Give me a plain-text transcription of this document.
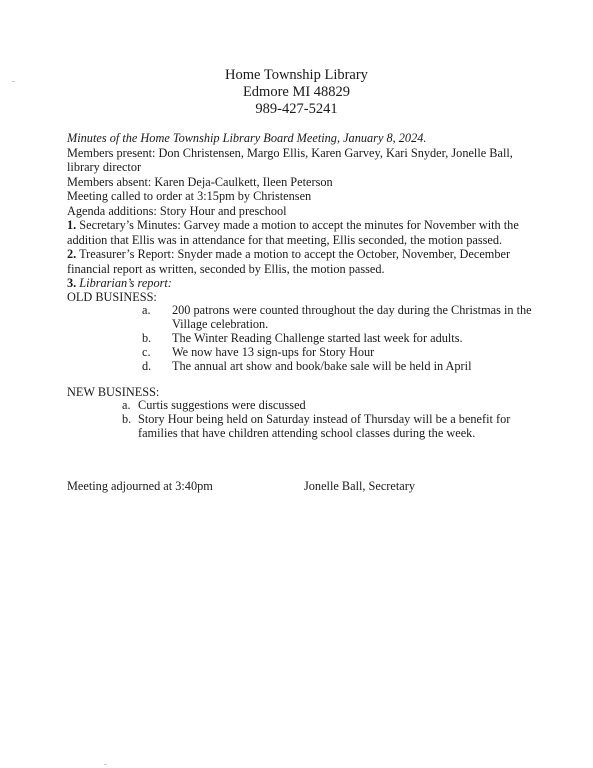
Home Township Library
Edmore MI 48829
989-427-5241
Minutes of the Home Township Library Board Meeting, January 8, 2024.
Members present: Don Christensen, Margo Ellis, Karen Garvey, Kari Snyder, Jonelle Ball,
library director
Members absent: Karen Deja-Caulkett, Ileen Peterson
Meeting called to order at 3:15pm by Christensen
Agenda additions: Story Hour and preschool
1. Secretary’s Minutes: Garvey made a motion to accept the minutes for November with the
addition that Ellis was in attendance for that meeting, Ellis seconded, the motion passed.
2. Treasurer’s Report: Snyder made a motion to accept the October, November, December
financial report as written, seconded by Ellis, the motion passed.
3. Librarian’s report:
OLD BUSINESS:
a. 200 patrons were counted throughout the day during the Christmas in the
Village celebration.
b. The Winter Reading Challenge started last week for adults.
c. We now have 13 sign-ups for Story Hour
d. The annual art show and book/bake sale will be held in April
NEW BUSINESS:
a. Curtis suggestions were discussed
b. Story Hour being held on Saturday instead of Thursday will be a benefit for
families that have children attending school classes during the week.
Meeting adjourned at 3:40pm	Jonelle Ball, Secretary
